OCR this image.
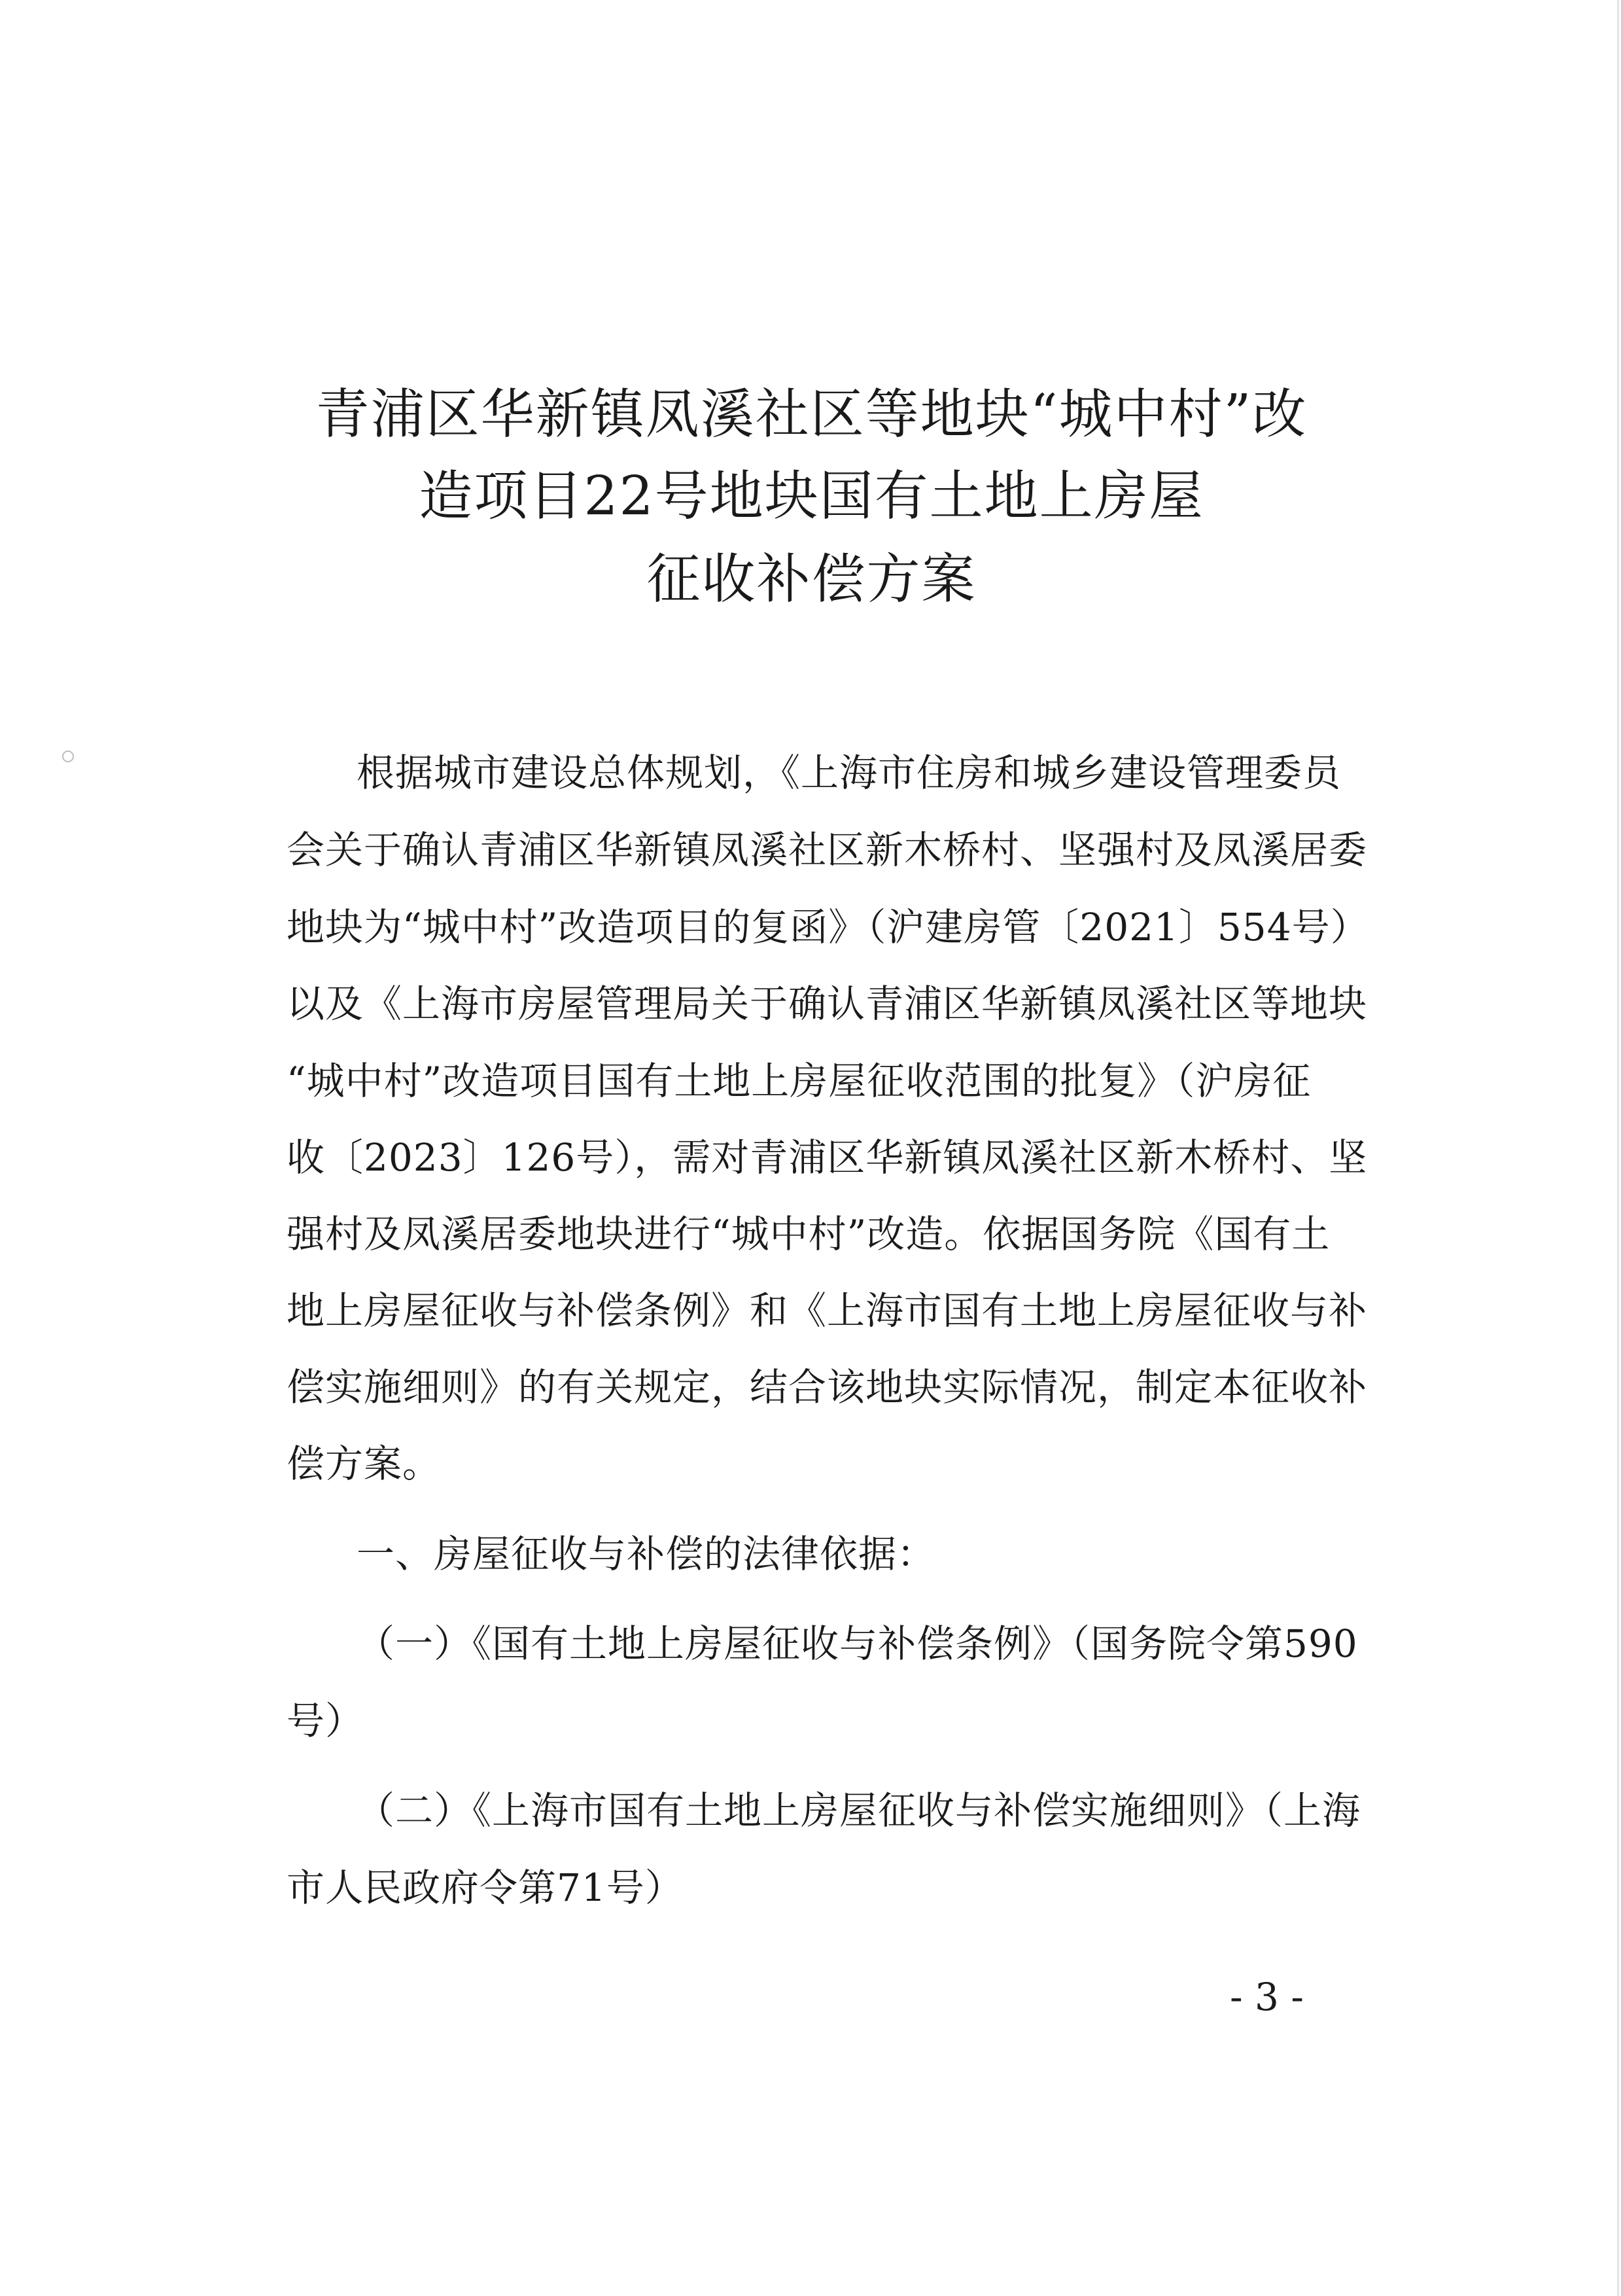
青浦区华新镇凤溪社区等地块“城中村”改
造项目22号地块国有土地上房屋
征收补偿方案
根据城市建设总体规划，《上海市住房和城乡建设管理委员
会关于确认青浦区华新镇凤溪社区新木桥村、坚强村及凤溪居委
地块为“城中村”改造项目的复函》（沪建房管〔2021〕554号）
以及《上海市房屋管理局关于确认青浦区华新镇凤溪社区等地块
“城中村”改造项目国有土地上房屋征收范围的批复》（沪房征
收〔2023〕126号），需对青浦区华新镇凤溪社区新木桥村、坚
强村及凤溪居委地块进行“城中村”改造。依据国务院《国有土
地上房屋征收与补偿条例》和《上海市国有土地上房屋征收与补
偿实施细则》的有关规定，结合该地块实际情况，制定本征收补
偿方案。
一、房屋征收与补偿的法律依据：
（一）《国有土地上房屋征收与补偿条例》（国务院令第590
号）
（二）《上海市国有土地上房屋征收与补偿实施细则》（上海
市人民政府令第71号）
- 3 -
